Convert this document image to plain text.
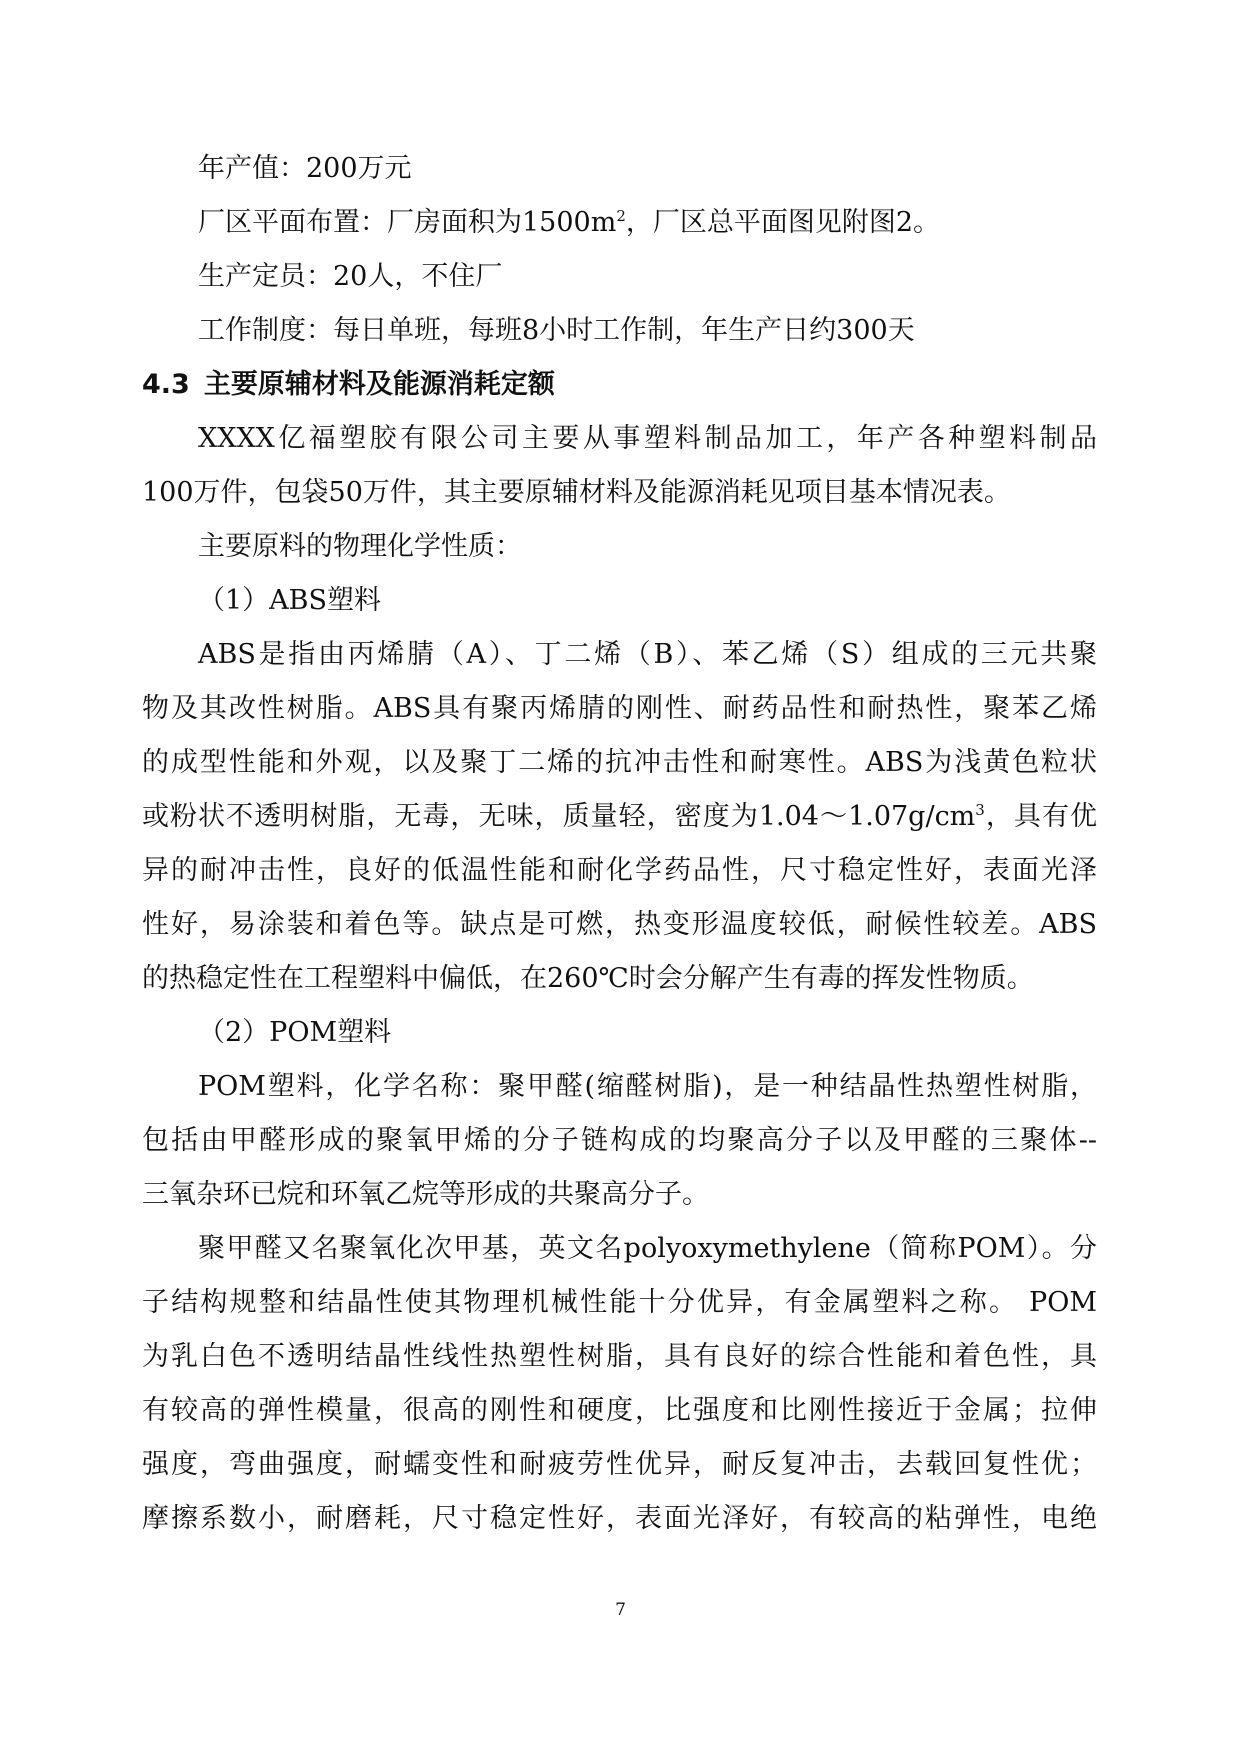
年产值：200万元
厂区平面布置：厂房面积为$1500m^2$，厂区总平面图见附图2。
生产定员：20人，不住厂
工作制度：每日单班，每班8小时工作制，年生产日约300天
4.3 主要原辅材料及能源消耗定额
XXXX亿福塑胶有限公司主要从事塑料制品加工，年产各种塑料制品
100万件，包袋50万件，其主要原辅材料及能源消耗见项目基本情况表。
主要原料的物理化学性质：
（1）ABS塑料
ABS是指由丙烯腈（A）、丁二烯（B）、苯乙烯（S）组成的三元共聚
物及其改性树脂。ABS具有聚丙烯腈的刚性、耐药品性和耐热性，聚苯乙烯
的成型性能和外观，以及聚丁二烯的抗冲击性和耐寒性。ABS为浅黄色粒状
或粉状不透明树脂，无毒，无味，质量轻，密度为$1.04\sim 1.07g/cm^3$，具有优
异的耐冲击性，良好的低温性能和耐化学药品性，尺寸稳定性好，表面光泽
性好，易涂装和着色等。缺点是可燃，热变形温度较低，耐候性较差。ABS
的热稳定性在工程塑料中偏低，在260℃时会分解产生有毒的挥发性物质。
（2）POM塑料
POM塑料，化学名称：聚甲醛(缩醛树脂)，是一种结晶性热塑性树脂，
包括由甲醛形成的聚氧甲烯的分子链构成的均聚高分子以及甲醛的三聚体--
三氧杂环已烷和环氧乙烷等形成的共聚高分子。
聚甲醛又名聚氧化次甲基，英文名polyoxymethylene（简称POM）。分
子结构规整和结晶性使其物理机械性能十分优异，有金属塑料之称。 POM
为乳白色不透明结晶性线性热塑性树脂，具有良好的综合性能和着色性，具
有较高的弹性模量，很高的刚性和硬度，比强度和比刚性接近于金属；拉伸
强度，弯曲强度，耐蠕变性和耐疲劳性优异，耐反复冲击，去载回复性优；
摩擦系数小，耐磨耗，尺寸稳定性好，表面光泽好，有较高的粘弹性，电绝
7
